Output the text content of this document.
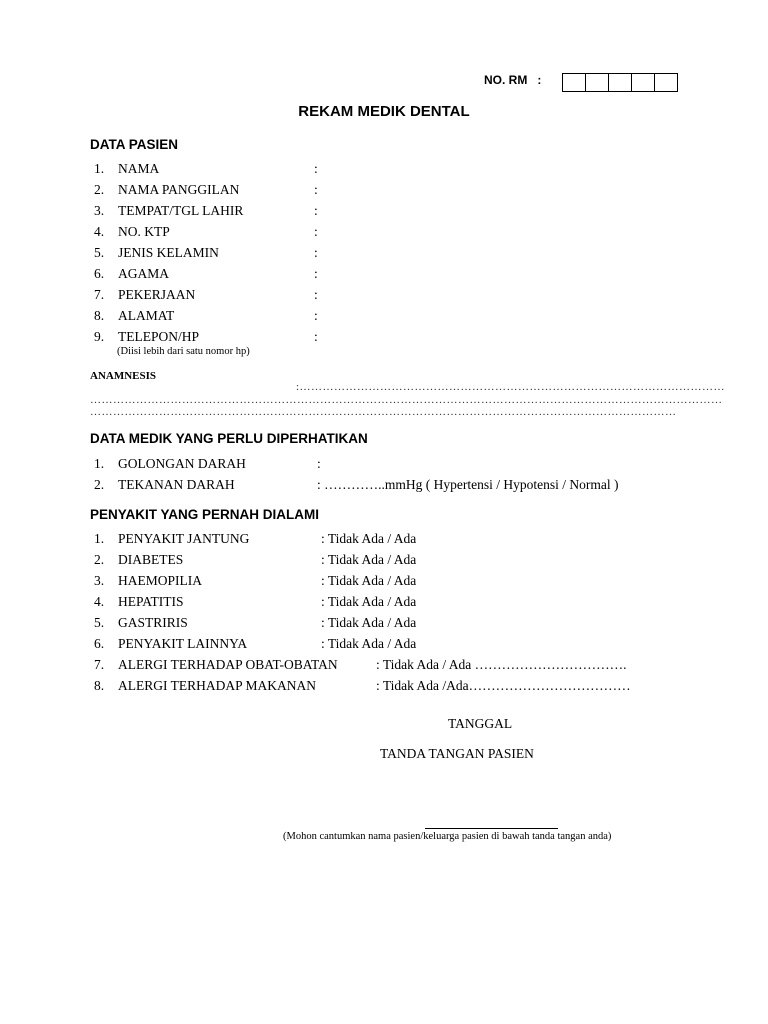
NO. RM :
REKAM MEDIK DENTAL
DATA PASIEN
1. NAMA	:
2. NAMA PANGGILAN	:
3. TEMPAT/TGL LAHIR	:
4. NO. KTP	:
5. JENIS KELAMIN	:
6. AGAMA	:
7. PEKERJAAN	:
8. ALAMAT	:
9. TELEPON/HP	:
(Diisi lebih dari satu nomor hp)
ANAMNESIS
:…………………………………………………………………………………………………
…………………………………………………………………………………………………………………………………………………
………………………………………………………………………………………………………………………………………
DATA MEDIK YANG PERLU DIPERHATIKAN
1. GOLONGAN DARAH	:
2. TEKANAN DARAH	: …………..mmHg ( Hypertensi / Hypotensi / Normal )
PENYAKIT YANG PERNAH DIALAMI
1. PENYAKIT JANTUNG	: Tidak Ada / Ada
2. DIABETES	: Tidak Ada / Ada
3. HAEMOPILIA	: Tidak Ada / Ada
4. HEPATITIS	: Tidak Ada / Ada
5. GASTRIRIS	: Tidak Ada / Ada
6. PENYAKIT LAINNYA	: Tidak Ada / Ada
7. ALERGI TERHADAP OBAT-OBATAN	: Tidak Ada / Ada …………………………….
8. ALERGI TERHADAP MAKANAN	: Tidak Ada /Ada………………………………
TANGGAL
TANDA TANGAN PASIEN
(Mohon cantumkan nama pasien/keluarga pasien di bawah tanda tangan anda)
